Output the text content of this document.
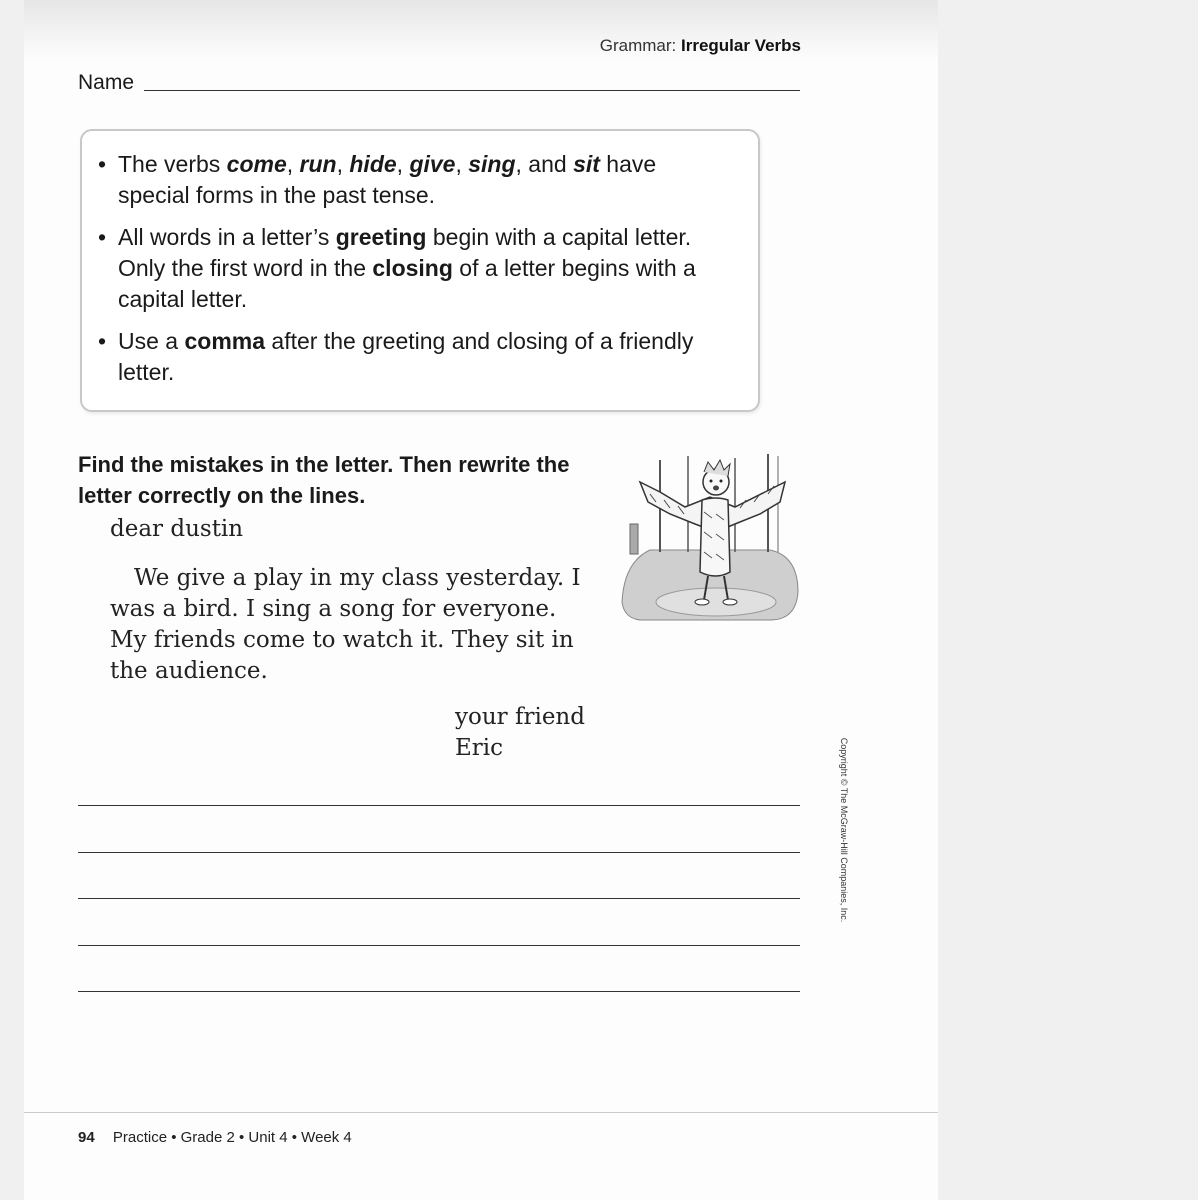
Grammar: Irregular Verbs
Name
• The verbs come, run, hide, give, sing, and sit have special forms in the past tense.
• All words in a letter’s greeting begin with a capital letter. Only the first word in the closing of a letter begins with a capital letter.
• Use a comma after the greeting and closing of a friendly letter.
Find the mistakes in the letter. Then rewrite the letter correctly on the lines.
dear dustin
We give a play in my class yesterday. I was a bird. I sing a song for everyone. My friends come to watch it. They sit in the audience.
your friend
Eric	Copyright © The McGraw-Hill Companies, Inc.
94 Practice • Grade 2 • Unit 4 • Week 4
